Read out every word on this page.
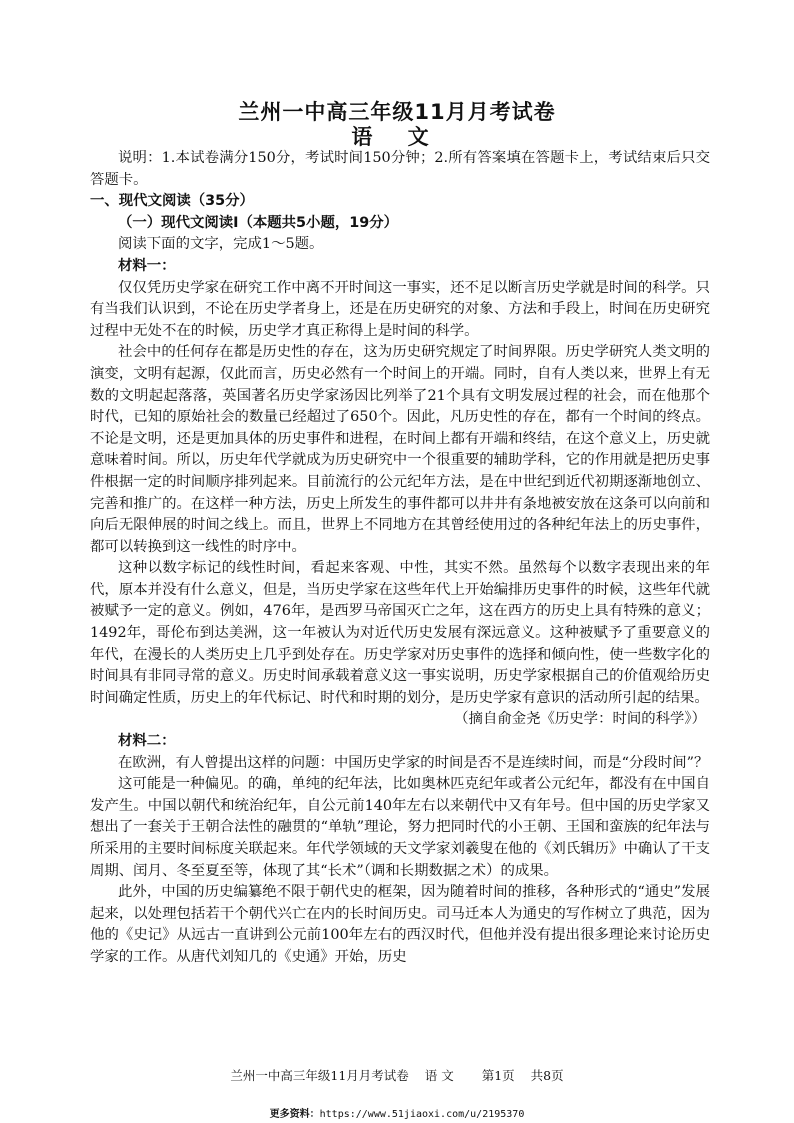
兰州一中高三年级11月月考试卷
语 文

说明：1.本试卷满分150分，考试时间150分钟；2.所有答案填在答题卡上，考试结束后只交答题卡。

一、现代文阅读（35分）

（一）现代文阅读Ⅰ（本题共5小题，19分）

阅读下面的文字，完成1～5题。

材料一：

仅仅凭历史学家在研究工作中离不开时间这一事实，还不足以断言历史学就是时间的科学。只有当我们认识到，不论在历史学者身上，还是在历史研究的对象、方法和手段上，时间在历史研究过程中无处不在的时候，历史学才真正称得上是时间的科学。

社会中的任何存在都是历史性的存在，这为历史研究规定了时间界限。历史学研究人类文明的演变，文明有起源，仅此而言，历史必然有一个时间上的开端。同时，自有人类以来，世界上有无数的文明起起落落，英国著名历史学家汤因比列举了21个具有文明发展过程的社会，而在他那个时代，已知的原始社会的数量已经超过了650个。因此，凡历史性的存在，都有一个时间的终点。不论是文明，还是更加具体的历史事件和进程，在时间上都有开端和终结，在这个意义上，历史就意味着时间。所以，历史年代学就成为历史研究中一个很重要的辅助学科，它的作用就是把历史事件根据一定的时间顺序排列起来。目前流行的公元纪年方法，是在中世纪到近代初期逐渐地创立、完善和推广的。在这样一种方法，历史上所发生的事件都可以井井有条地被安放在这条可以向前和向后无限伸展的时间之线上。而且，世界上不同地方在其曾经使用过的各种纪年法上的历史事件，都可以转换到这一线性的时序中。

这种以数字标记的线性时间，看起来客观、中性，其实不然。虽然每个以数字表现出来的年代，原本并没有什么意义，但是，当历史学家在这些年代上开始编排历史事件的时候，这些年代就被赋予一定的意义。例如，476年，是西罗马帝国灭亡之年，这在西方的历史上具有特殊的意义；1492年，哥伦布到达美洲，这一年被认为对近代历史发展有深远意义。这种被赋予了重要意义的年代，在漫长的人类历史上几乎到处存在。历史学家对历史事件的选择和倾向性，使一些数字化的时间具有非同寻常的意义。历史时间承载着意义这一事实说明，历史学家根据自己的价值观给历史时间确定性质，历史上的年代标记、时代和时期的划分，是历史学家有意识的活动所引起的结果。

（摘自俞金尧《历史学：时间的科学》）

材料二：

在欧洲，有人曾提出这样的问题：中国历史学家的时间是否不是连续时间，而是“分段时间”？

这可能是一种偏见。的确，单纯的纪年法，比如奥林匹克纪年或者公元纪年，都没有在中国自发产生。中国以朝代和统治纪年，自公元前140年左右以来朝代中又有年号。但中国的历史学家又想出了一套关于王朝合法性的融贯的“单轨”理论，努力把同时代的小王朝、王国和蛮族的纪年法与所采用的主要时间标度关联起来。年代学领域的天文学家刘羲叟在他的《刘氏辑历》中确认了干支周期、闰月、冬至夏至等，体现了其“长术”（调和长期数据之术）的成果。

此外，中国的历史编纂绝不限于朝代史的框架，因为随着时间的推移，各种形式的“通史”发展起来，以处理包括若干个朝代兴亡在内的长时间历史。司马迁本人为通史的写作树立了典范，因为他的《史记》从远古一直讲到公元前100年左右的西汉时代，但他并没有提出很多理论来讨论历史学家的工作。从唐代刘知几的《史通》开始，历史

兰州一中高三年级11月月考试卷 语 文 第1页 共8页
更多资料：https://www.51jiaoxi.com/u/2195370
